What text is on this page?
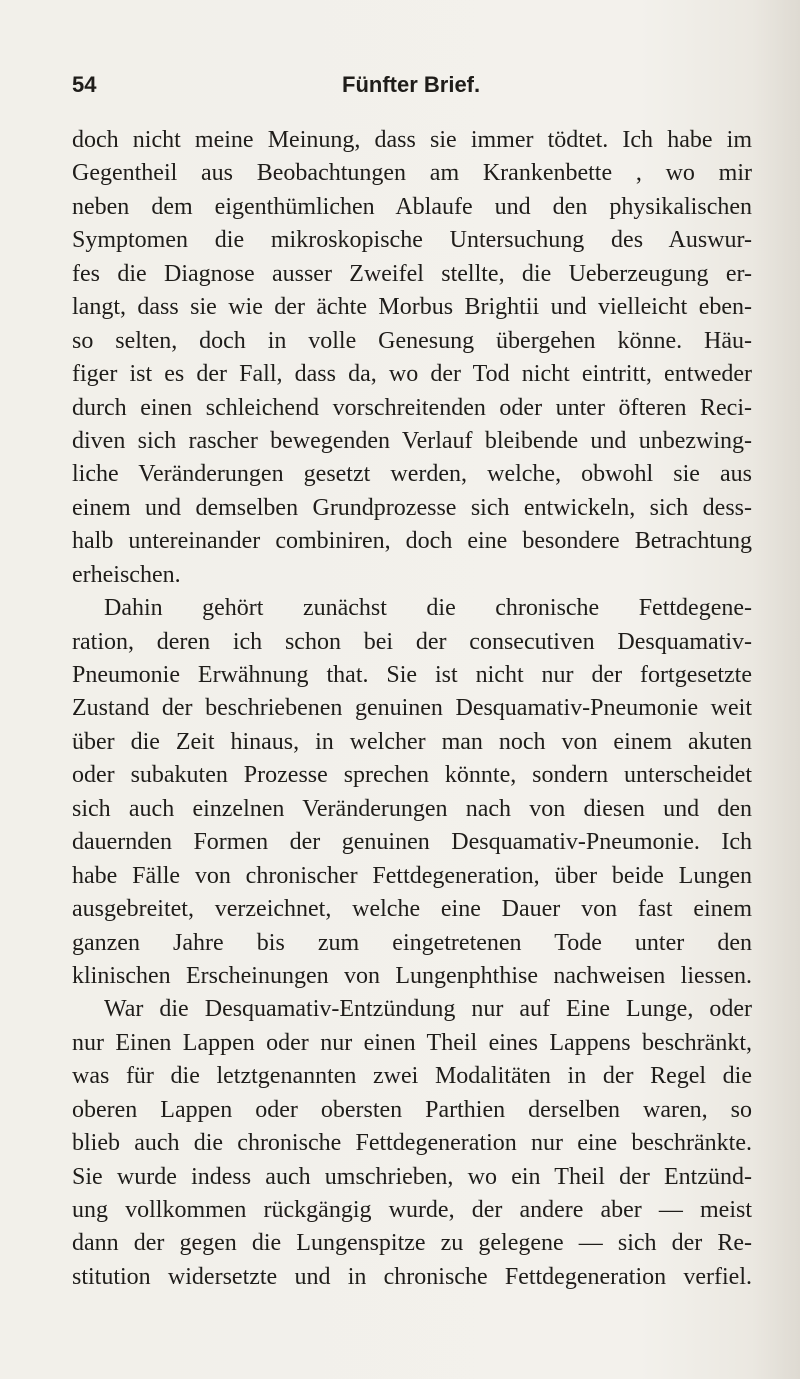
54	Fünfter Brief.
doch nicht meine Meinung, dass sie immer tödtet. Ich habe im
Gegentheil aus Beobachtungen am Krankenbette , wo mir
neben dem eigenthümlichen Ablaufe und den physikalischen
Symptomen die mikroskopische Untersuchung des Auswur-
fes die Diagnose ausser Zweifel stellte, die Ueberzeugung er-
langt, dass sie wie der ächte Morbus Brightii und vielleicht eben-
so selten, doch in volle Genesung übergehen könne. Häu-
figer ist es der Fall, dass da, wo der Tod nicht eintritt, entweder
durch einen schleichend vorschreitenden oder unter öfteren Reci-
diven sich rascher bewegenden Verlauf bleibende und unbezwing-
liche Veränderungen gesetzt werden, welche, obwohl sie aus
einem und demselben Grundprozesse sich entwickeln, sich dess-
halb untereinander combiniren, doch eine besondere Betrachtung
erheischen.
Dahin gehört zunächst die chronische Fettdegene-
ration, deren ich schon bei der consecutiven Desquamativ-
Pneumonie Erwähnung that. Sie ist nicht nur der fortgesetzte
Zustand der beschriebenen genuinen Desquamativ-Pneumonie weit
über die Zeit hinaus, in welcher man noch von einem akuten
oder subakuten Prozesse sprechen könnte, sondern unterscheidet
sich auch einzelnen Veränderungen nach von diesen und den
dauernden Formen der genuinen Desquamativ-Pneumonie. Ich
habe Fälle von chronischer Fettdegeneration, über beide Lungen
ausgebreitet, verzeichnet, welche eine Dauer von fast einem
ganzen Jahre bis zum eingetretenen Tode unter den
klinischen Erscheinungen von Lungenphthise nachweisen liessen.
War die Desquamativ-Entzündung nur auf Eine Lunge, oder
nur Einen Lappen oder nur einen Theil eines Lappens beschränkt,
was für die letztgenannten zwei Modalitäten in der Regel die
oberen Lappen oder obersten Parthien derselben waren, so
blieb auch die chronische Fettdegeneration nur eine beschränkte.
Sie wurde indess auch umschrieben, wo ein Theil der Entzünd-
ung vollkommen rückgängig wurde, der andere aber — meist
dann der gegen die Lungenspitze zu gelegene — sich der Re-
stitution widersetzte und in chronische Fettdegeneration verfiel.
